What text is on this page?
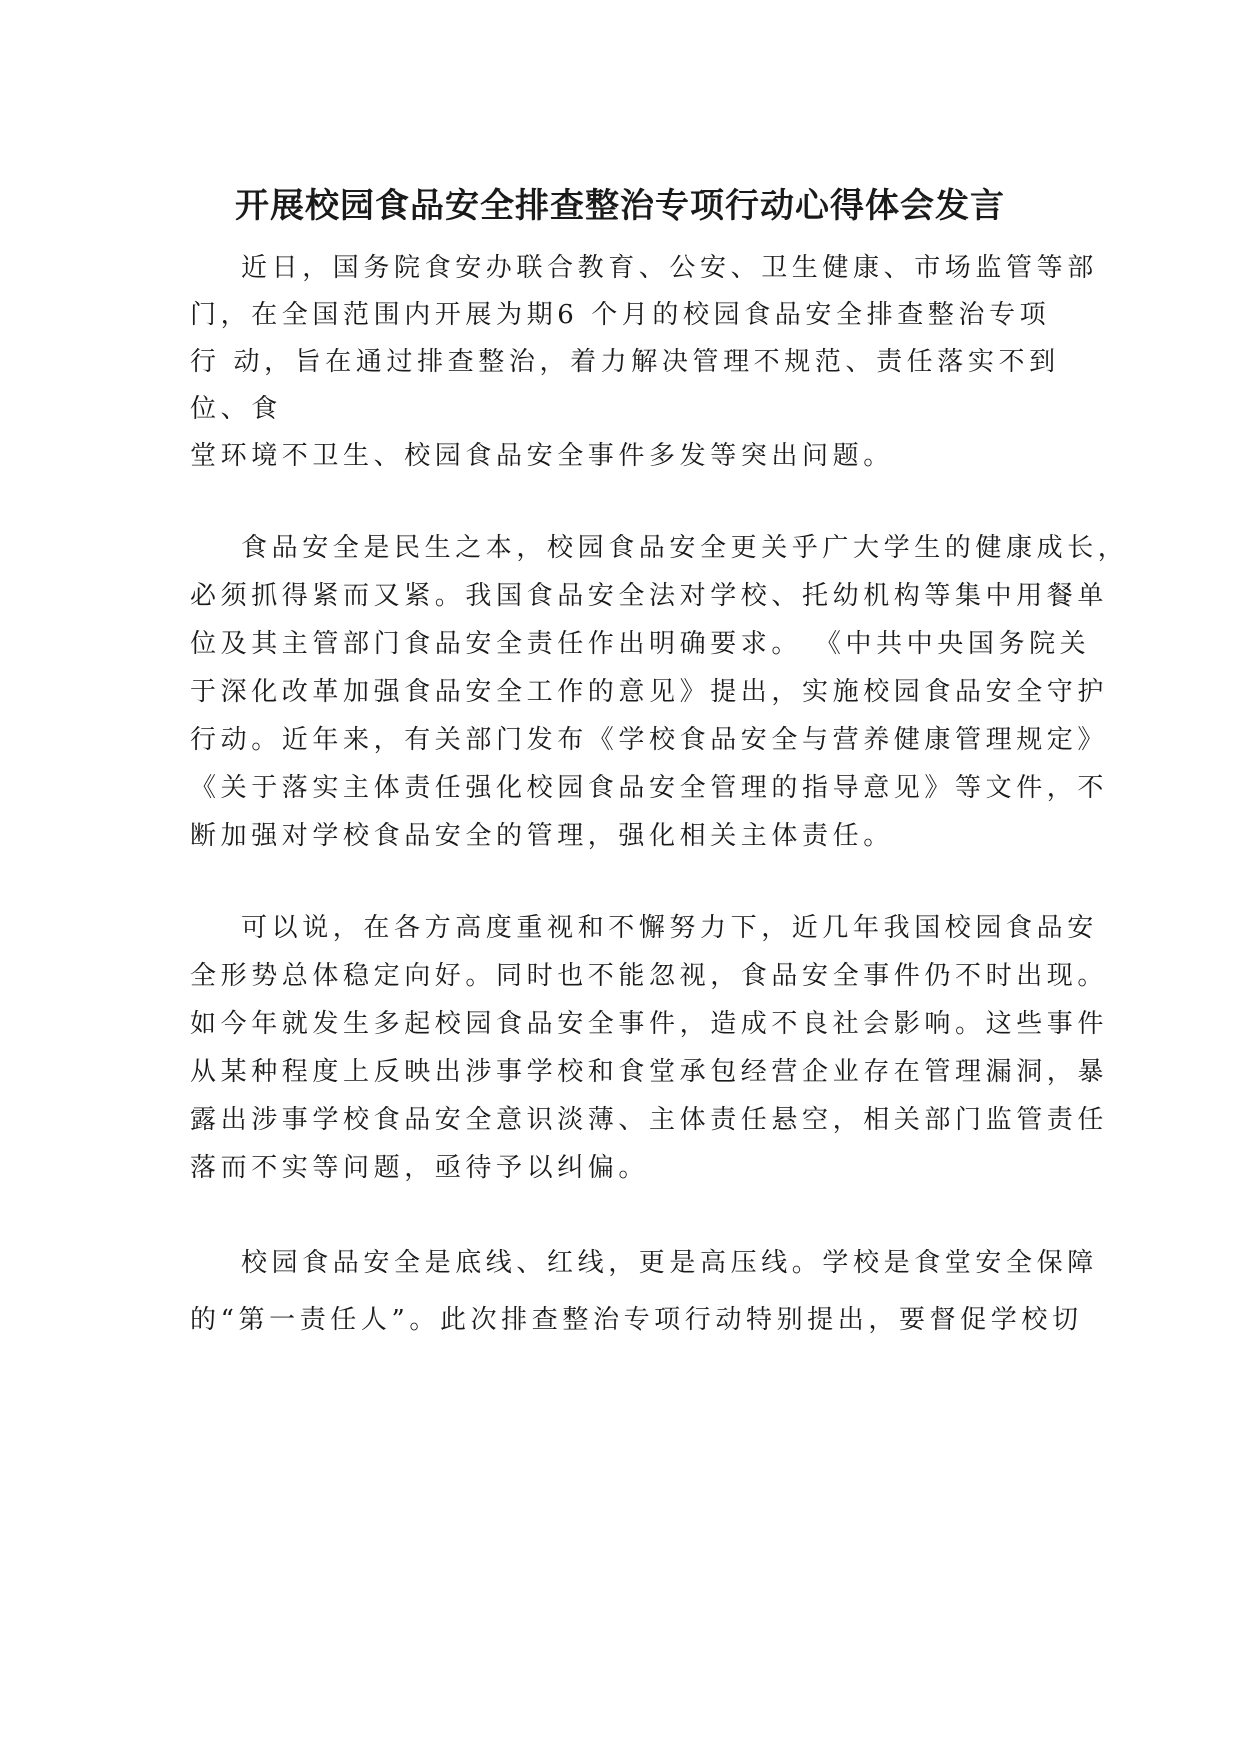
开展校园食品安全排查整治专项行动心得体会发言

近日，国务院食安办联合教育、公安、卫生健康、市场监管等部

门，在全国范围内开展为期6 个月的校园食品安全排查整治专项

行 动，旨在通过排查整治，着力解决管理不规范、责任落实不到

位、食

堂环境不卫生、校园食品安全事件多发等突出问题。

食品安全是民生之本，校园食品安全更关乎广大学生的健康成长，

必须抓得紧而又紧。我国食品安全法对学校、托幼机构等集中用餐单

位及其主管部门食品安全责任作出明确要求。 《中共中央国务院关

于深化改革加强食品安全工作的意见》提出，实施校园食品安全守护

行动。近年来，有关部门发布《学校食品安全与营养健康管理规定》

《关于落实主体责任强化校园食品安全管理的指导意见》等文件，不

断加强对学校食品安全的管理，强化相关主体责任。

可以说，在各方高度重视和不懈努力下，近几年我国校园食品安

全形势总体稳定向好。同时也不能忽视，食品安全事件仍不时出现。

如今年就发生多起校园食品安全事件，造成不良社会影响。这些事件

从某种程度上反映出涉事学校和食堂承包经营企业存在管理漏洞，暴

露出涉事学校食品安全意识淡薄、主体责任悬空，相关部门监管责任

落而不实等问题，亟待予以纠偏。

校园食品安全是底线、红线，更是高压线。学校是食堂安全保障

的“第一责任人”。此次排查整治专项行动特别提出，要督促学校切
